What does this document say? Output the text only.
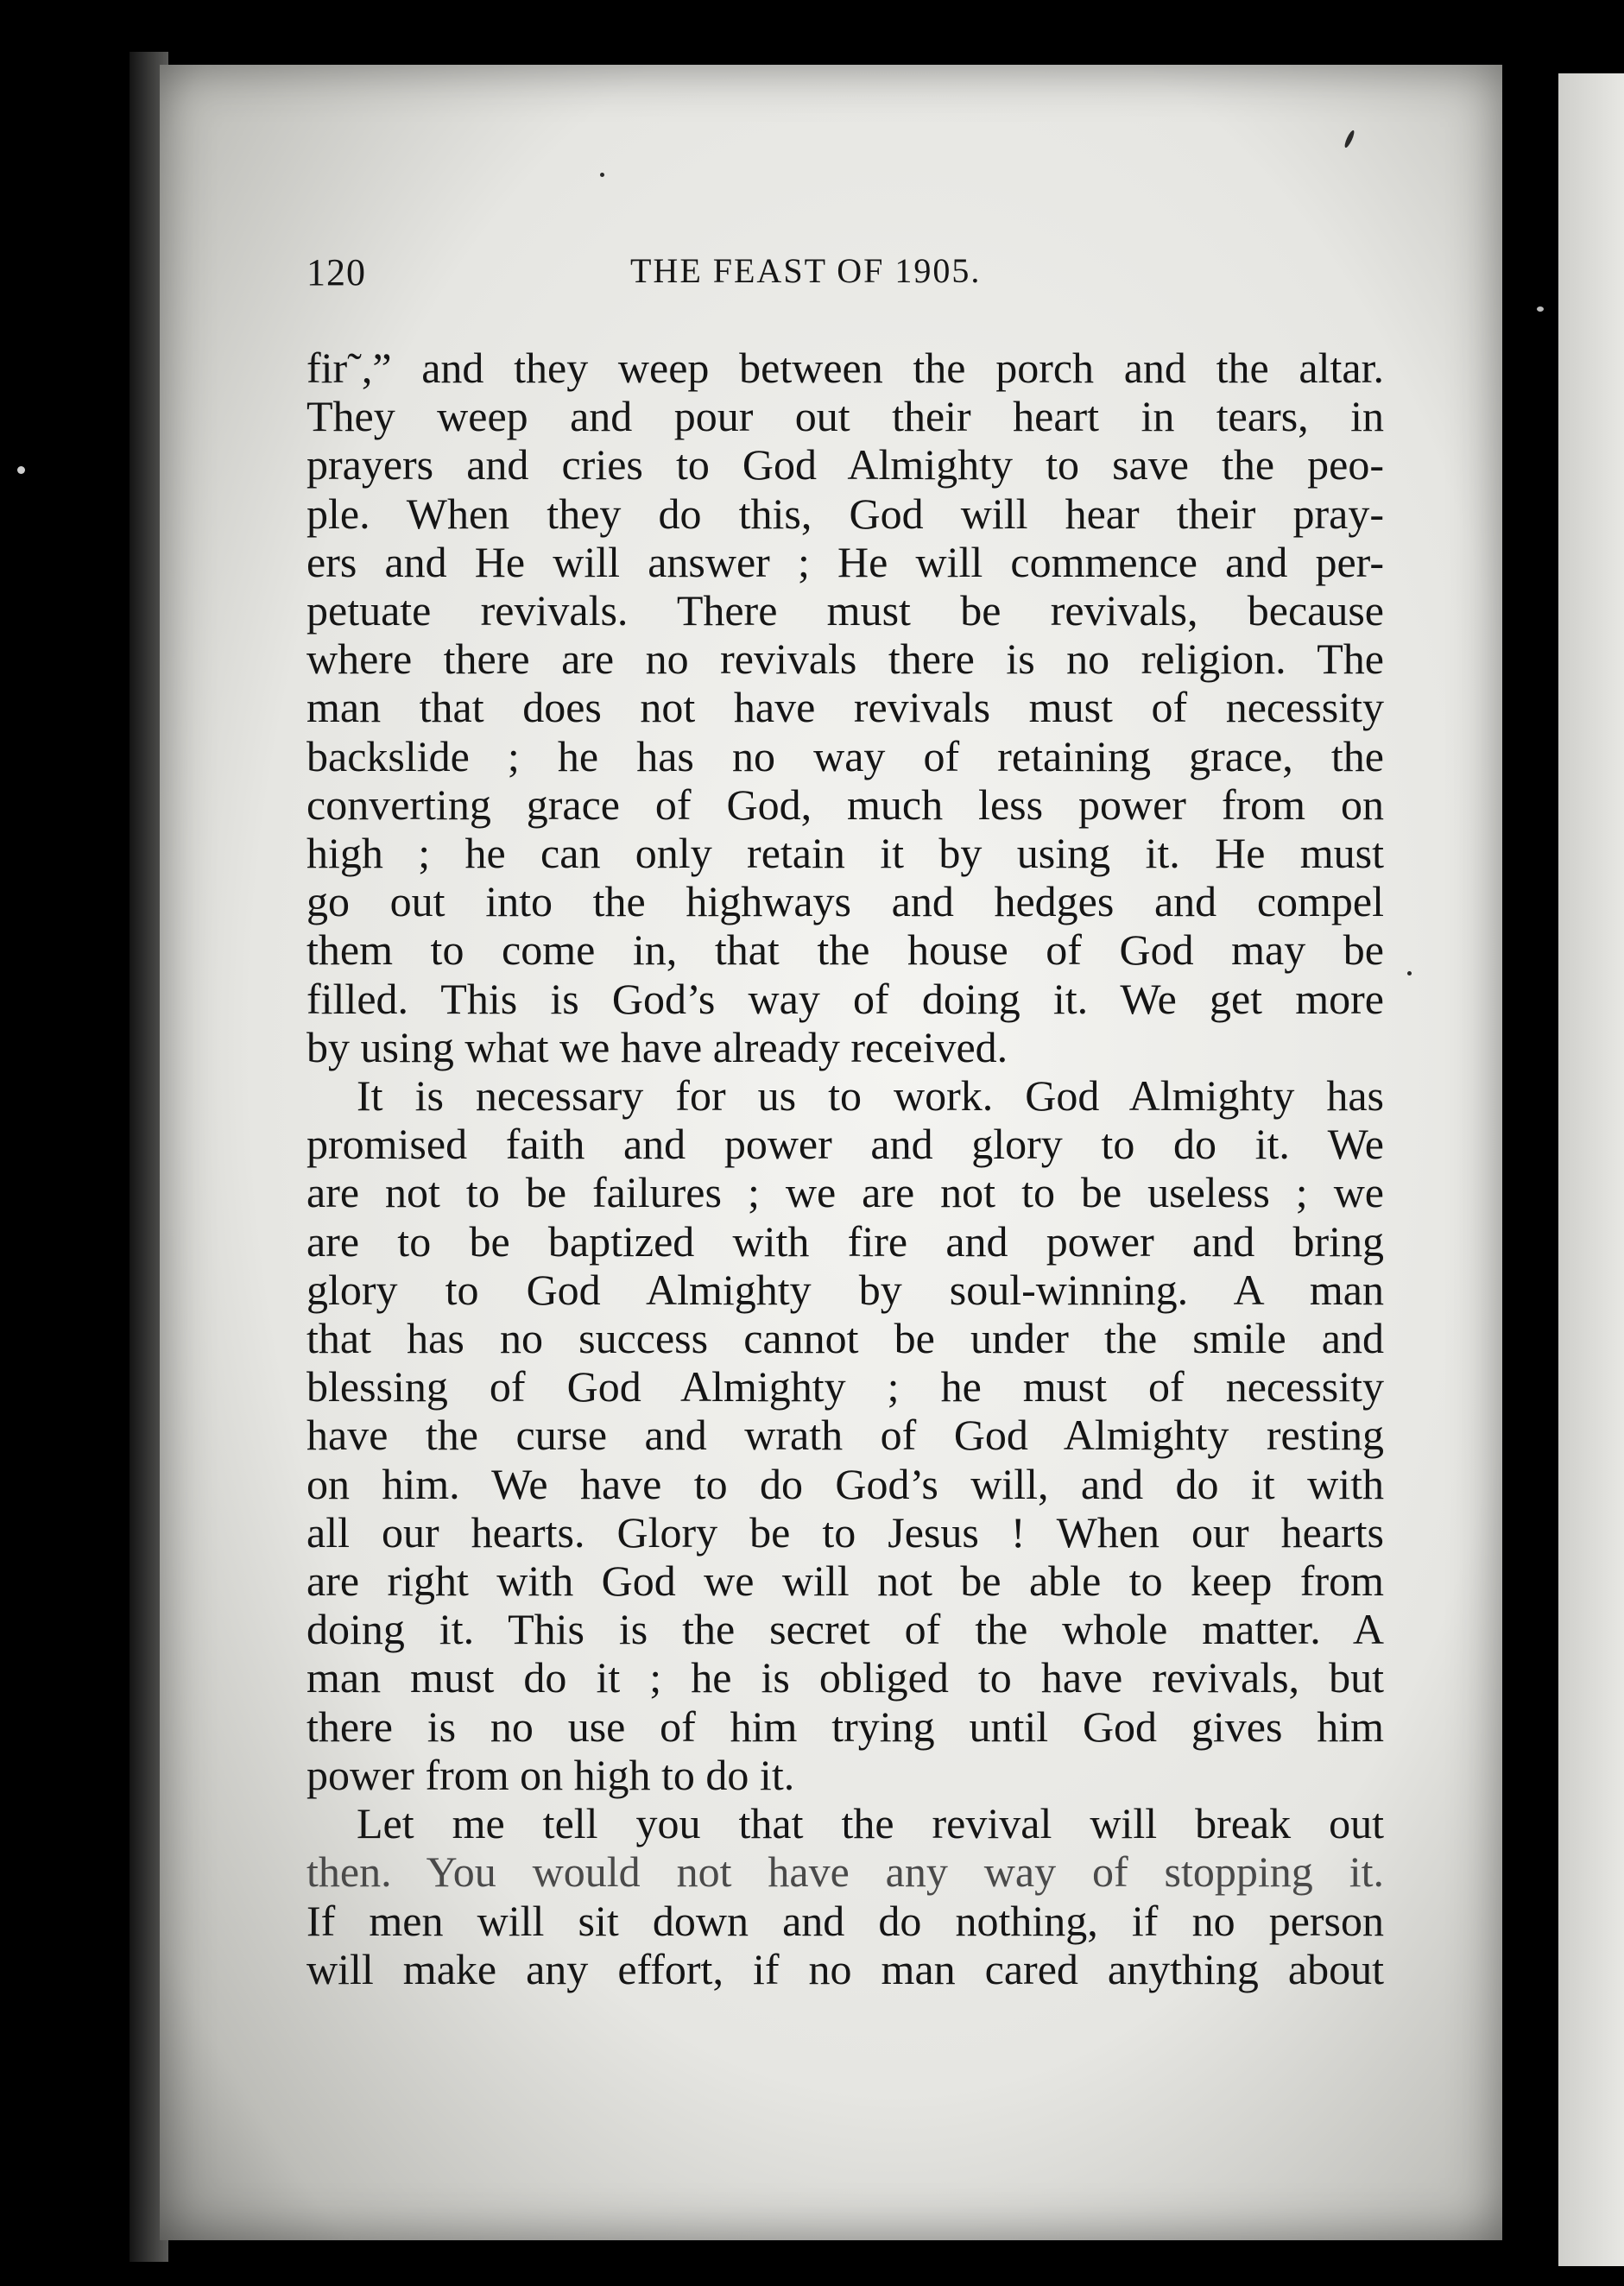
120	THE FEAST OF 1905.
fir˜,” and they weep between the porch and the altar.
They weep and pour out their heart in tears, in
prayers and cries to God Almighty to save the peo-
ple. When they do this, God will hear their pray-
ers and He will answer ; He will commence and per-
petuate revivals. There must be revivals, because
where there are no revivals there is no religion. The
man that does not have revivals must of necessity
backslide ; he has no way of retaining grace, the
converting grace of God, much less power from on
high ; he can only retain it by using it. He must
go out into the highways and hedges and compel
them to come in, that the house of God may be
filled. This is God’s way of doing it. We get more
by using what we have already received.
It is necessary for us to work. God Almighty has
promised faith and power and glory to do it. We
are not to be failures ; we are not to be useless ; we
are to be baptized with fire and power and bring
glory to God Almighty by soul-winning. A man
that has no success cannot be under the smile and
blessing of God Almighty ; he must of necessity
have the curse and wrath of God Almighty resting
on him. We have to do God’s will, and do it with
all our hearts. Glory be to Jesus ! When our hearts
are right with God we will not be able to keep from
doing it. This is the secret of the whole matter. A
man must do it ; he is obliged to have revivals, but
there is no use of him trying until God gives him
power from on high to do it.
Let me tell you that the revival will break out
then. You would not have any way of stopping it.
If men will sit down and do nothing, if no person
will make any effort, if no man cared anything about
